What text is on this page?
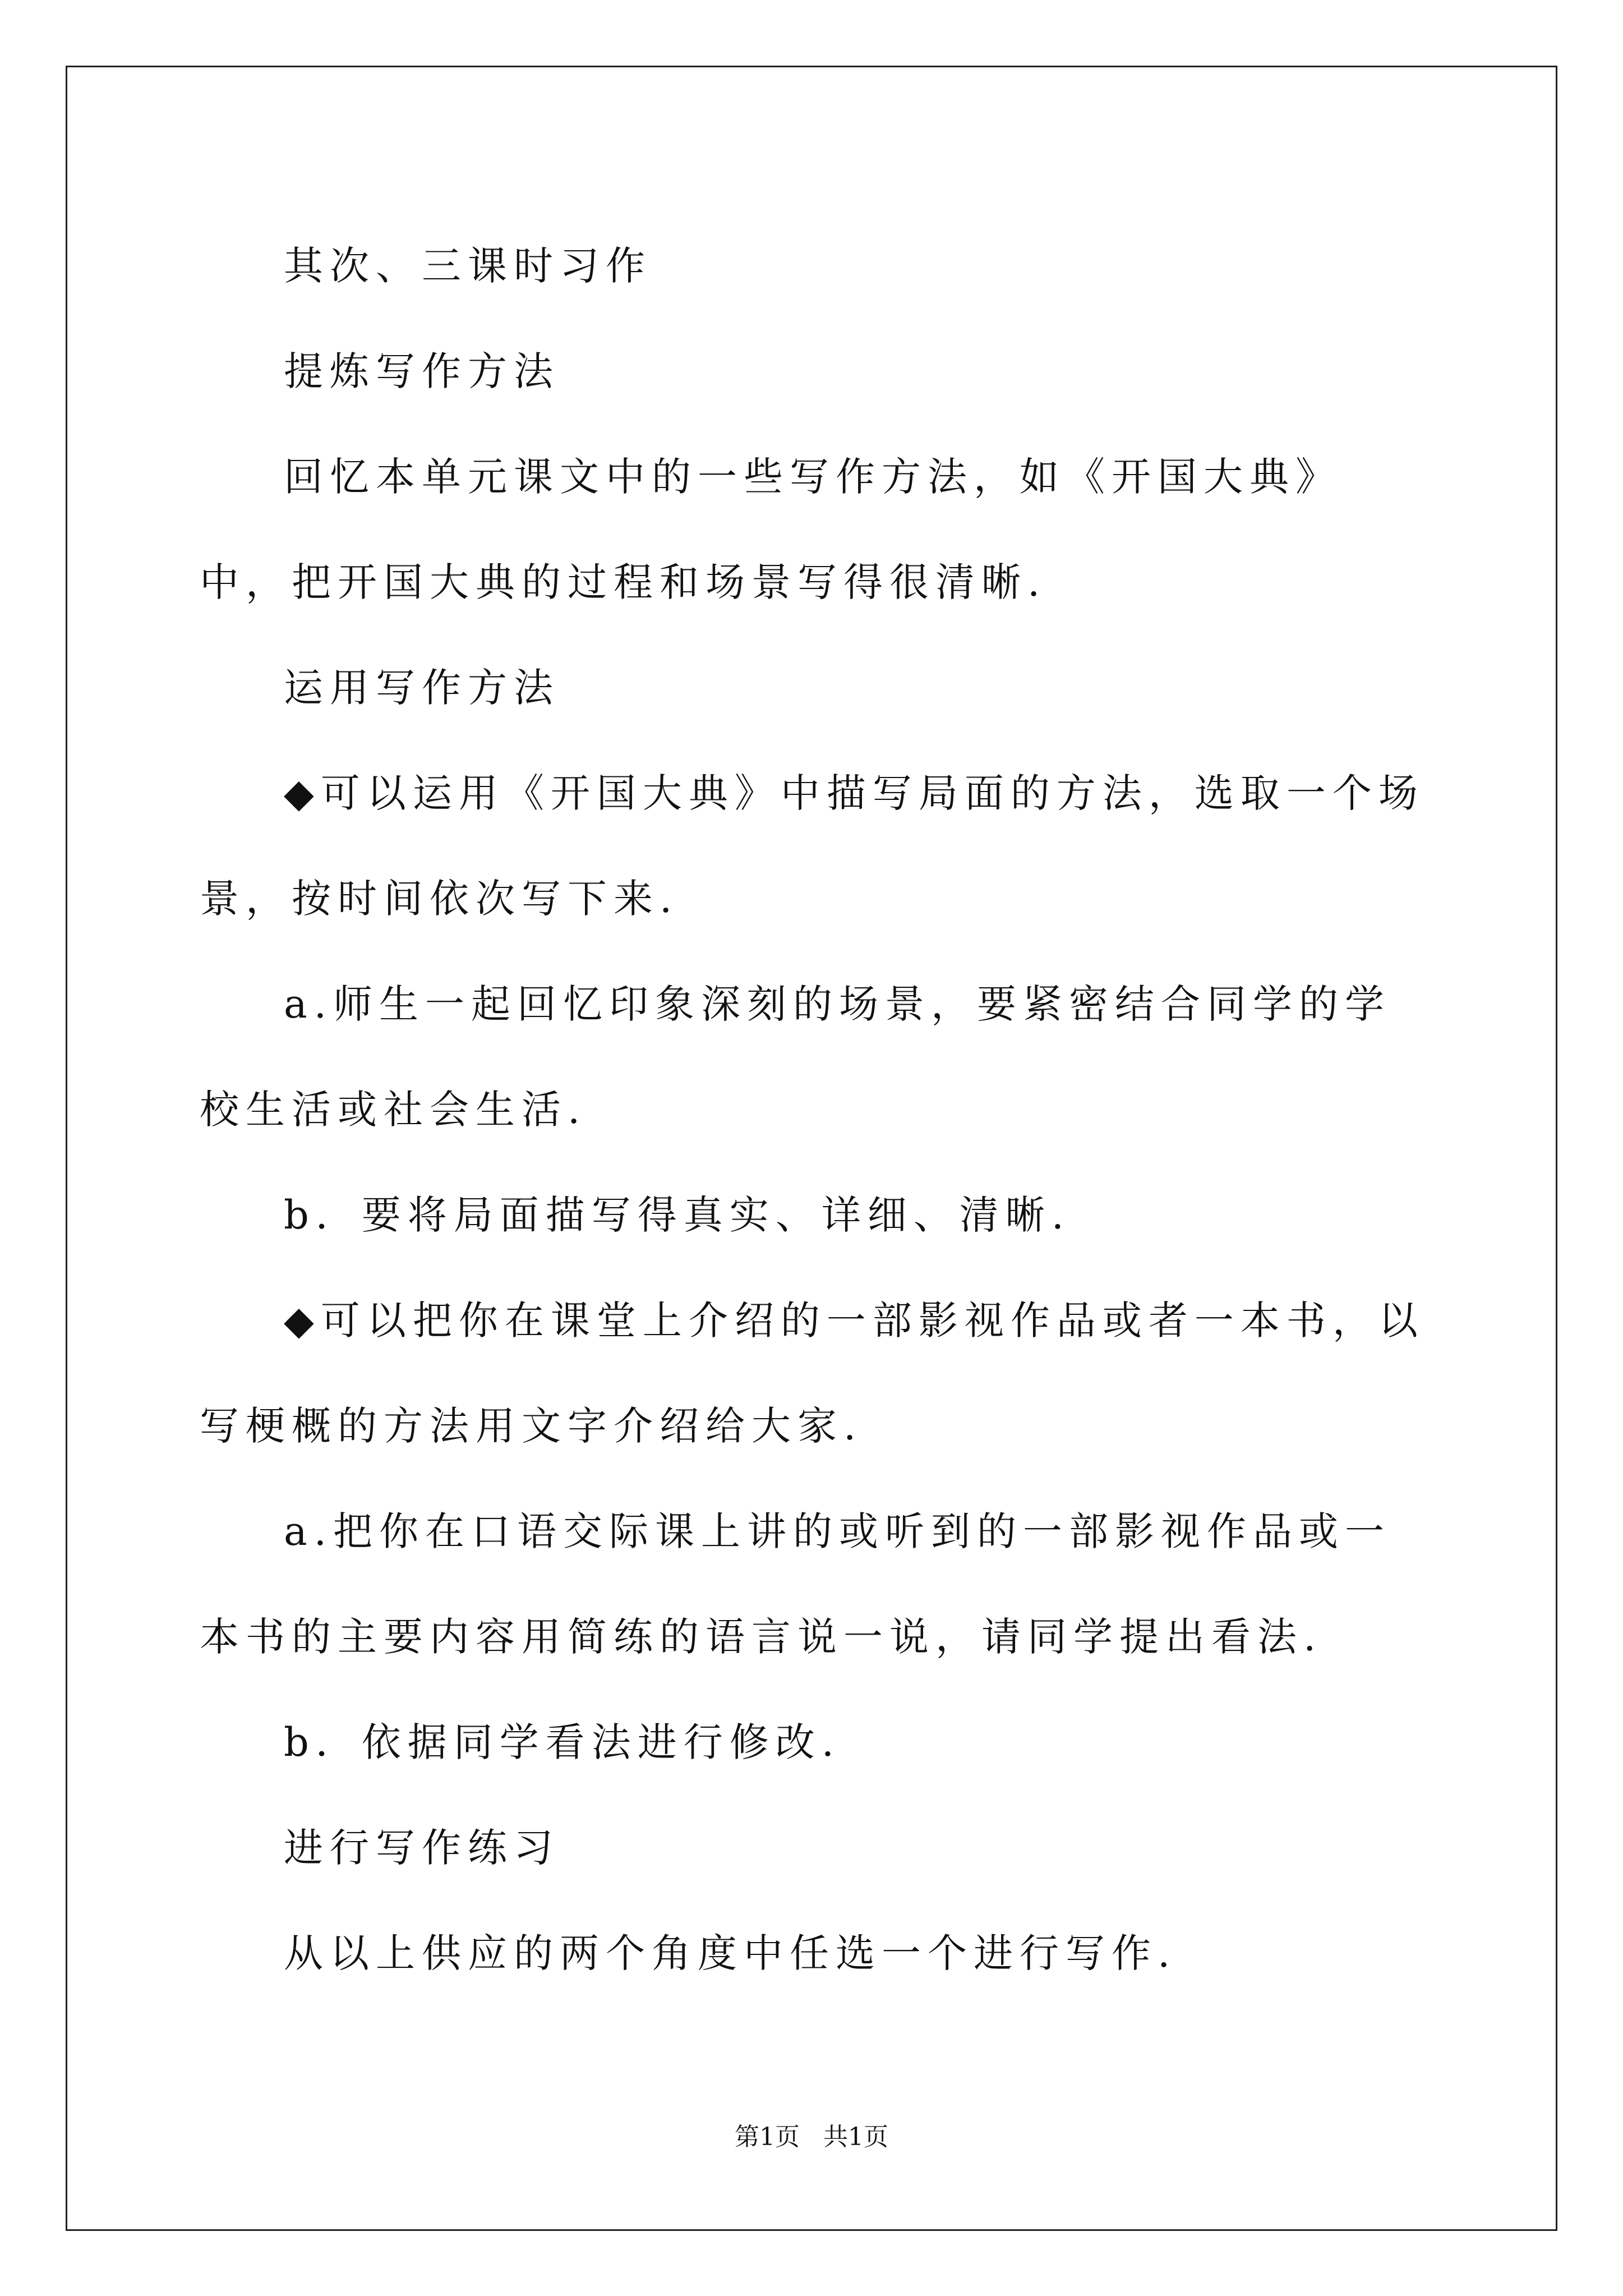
其次、三课时习作

提炼写作方法

回忆本单元课文中的一些写作方法，如《开国大典》中，把开国大典的过程和场景写得很清晰.

运用写作方法

◆可以运用《开国大典》中描写局面的方法，选取一个场景，按时间依次写下来.

a.师生一起回忆印象深刻的场景，要紧密结合同学的学校生活或社会生活.

b．要将局面描写得真实、详细、清晰.

◆可以把你在课堂上介绍的一部影视作品或者一本书，以写梗概的方法用文字介绍给大家.

a.把你在口语交际课上讲的或听到的一部影视作品或一本书的主要内容用简练的语言说一说，请同学提出看法.

b．依据同学看法进行修改.

进行写作练习

从以上供应的两个角度中任选一个进行写作.

第1页 共1页
